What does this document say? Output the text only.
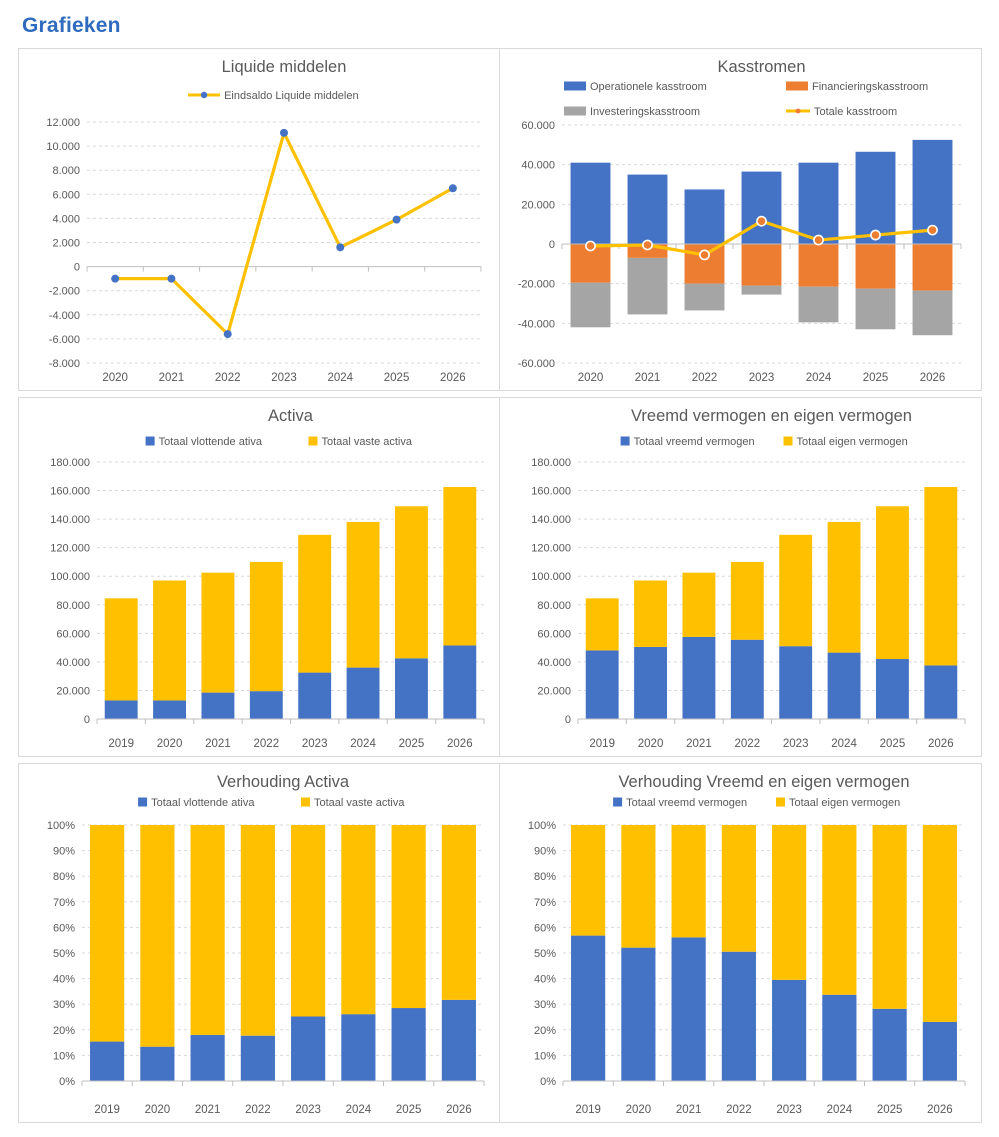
Grafieken
-8.000
-6.000
-4.000
-2.000
0
2.000
4.000
6.000
8.000
10.000
12.000
2020	2021	2022	2023	2024	2025	2026
Liquide middelen
Eindsaldo Liquide middelen
-60.000
-40.000
-20.000
0
20.000
40.000
60.000
2020	2021	2022	2023	2024	2025	2026
Kasstromen
Operationele kasstroom	Financieringskasstroom
Investeringskasstroom	Totale kasstroom
0
20.000
40.000
60.000
80.000
100.000
120.000
140.000
160.000
180.000
2019 2020 2021 2022 2023 2024 2025 2026
Activa
Totaal vlottende ativa	Totaal vaste activa
0
20.000
40.000
60.000
80.000
100.000
120.000
140.000
160.000
180.000
2019 2020 2021 2022 2023 2024 2025 2026
Vreemd vermogen en eigen vermogen
Totaal vreemd vermogen	Totaal eigen vermogen
0%
10%
20%
30%
40%
50%
60%
70%
80%
90%
100%
2019 2020 2021 2022 2023 2024 2025 2026
Verhouding Activa
Totaal vlottende ativa	Totaal vaste activa
0%
10%
20%
30%
40%
50%
60%
70%
80%
90%
100%
2019 2020 2021 2022 2023 2024 2025 2026
Verhouding Vreemd en eigen vermogen
Totaal vreemd vermogen	Totaal eigen vermogen
